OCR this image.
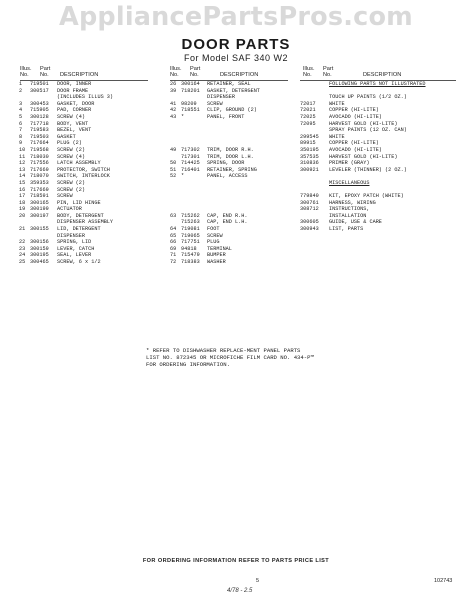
AppliancePartsPros.com
DOOR PARTS
For Model SAF 340 W2
Illus. Part
No. No. DESCRIPTION
Illus. Part
No. No.	DESCRIPTION
Illus. Part
No. No.	DESCRIPTION
1 719501 DOOR, INNER
2 300517 DOOR FRAME
(INCLUDES ILLUS 3)
3 300453 GASKET, DOOR
4 715905 PAD, CORNER
5 300128 SCREW (4)
6 717718 BODY, VENT
7 719583 BEZEL, VENT
8 719503 GASKET
9 717664 PLUG (2)
10 719568 SCREW (2)
11 718030 SCREW (4)
12 717556 LATCH ASSEMBLY
13 717669 PROTECTOR, SWITCH
14 718070 SWITCH, INTERLOCK
15 359353 SCREW (2)
16 717669 SCREW (2)
17 718591 SCREW
18 300165 PIN, LID HINGE
19 300199 ACTUATOR
20 300197 BODY, DETERGENT
DISPENSER ASSEMBLY
21 300155 LID, DETERGENT
DISPENSER
22 300156 SPRING, LID
23 300159 LEVER, CATCH
24 300195 SEAL, LEVER
25 300465 SCREW, 6 x 1/2
26 300164 RETAINER, SEAL
39 718201 GASKET, DETERGENT
DISPENSER
41 98209 SCREW
42 718551 CLIP, GROUND (2)
43 *	PANEL, FRONT
49 717302 TRIM, DOOR R.H.
717301 TRIM, DOOR L.H.
50 714425 SPRING, DOOR
51 716401 RETAINER, SPRING
52 *	PANEL, ACCESS
63 715262 CAP, END R.H.
715263 CAP, END L.H.
64 719081 FOOT
65 719065 SCREW
66 717751 PLUG
69 94818 TERMINAL
71 715479 BUMPER
72 718383 WASHER
FOLLOWING PARTS NOT ILLUSTRATED
TOUCH UP PAINTS (1/2 OZ.)
72017	WHITE
72021	COPPER (HI-LITE)
72025	AVOCADO (HI-LITE)
72095	HARVEST GOLD (HI-LITE)
SPRAY PAINTS (12 OZ. CAN)
299545 WHITE
89915	COPPER (HI-LITE)
350195 AVOCADO (HI-LITE)
357535 HARVEST GOLD (HI-LITE)
310836 PRIMER (GRAY)
300921 LEVELER (THINNER) (2 OZ.)
MISCELLANEOUS
779840 KIT, EPOXY PATCH (WHITE)
300761 HARNESS, WIRING
308712 INSTRUCTIONS,
INSTALLATION
300605 GUIDE, USE & CARE
300943 LIST, PARTS
* REFER TO DISHWASHER REPLACE-MENT PANEL PARTS LIST NO. 872345 OR MICROFICHE FILM CARD NO. 434-P™ FOR ORDERING INFORMATION.
FOR ORDERING INFORMATION REFER TO PARTS PRICE LIST
5
4/78 - 2.5
102743
